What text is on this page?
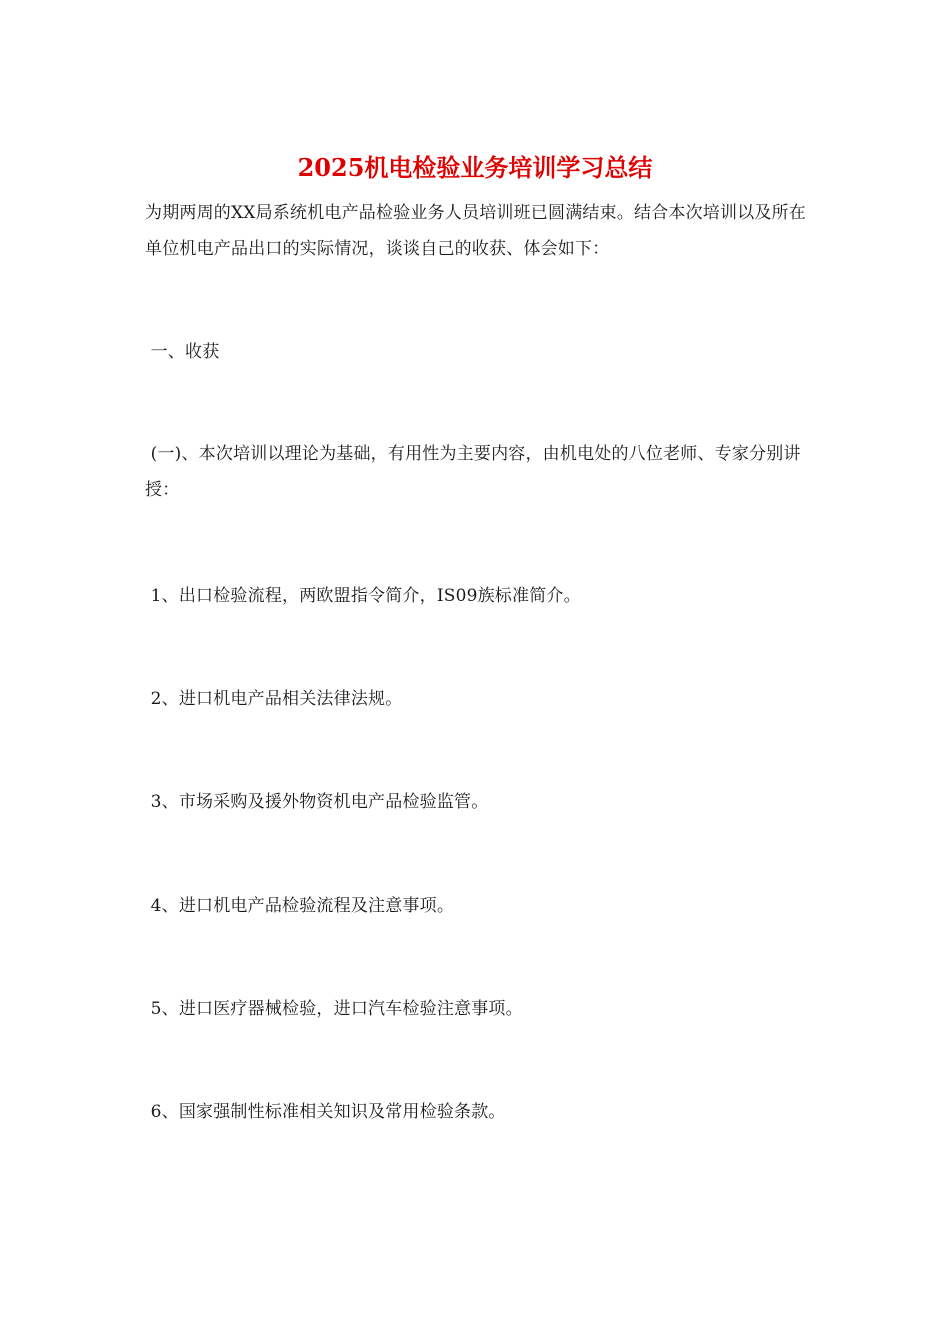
2025机电检验业务培训学习总结
为期两周的XX局系统机电产品检验业务人员培训班已圆满结束。结合本次培训以及所在单位机电产品出口的实际情况，谈谈自己的收获、体会如下：
一、收获
(一)、本次培训以理论为基础，有用性为主要内容，由机电处的八位老师、专家分别讲授：
1、出口检验流程，两欧盟指令简介，IS09族标准简介。
2、进口机电产品相关法律法规。
3、市场采购及援外物资机电产品检验监管。
4、进口机电产品检验流程及注意事项。
5、进口医疗器械检验，进口汽车检验注意事项。
6、国家强制性标准相关知识及常用检验条款。
